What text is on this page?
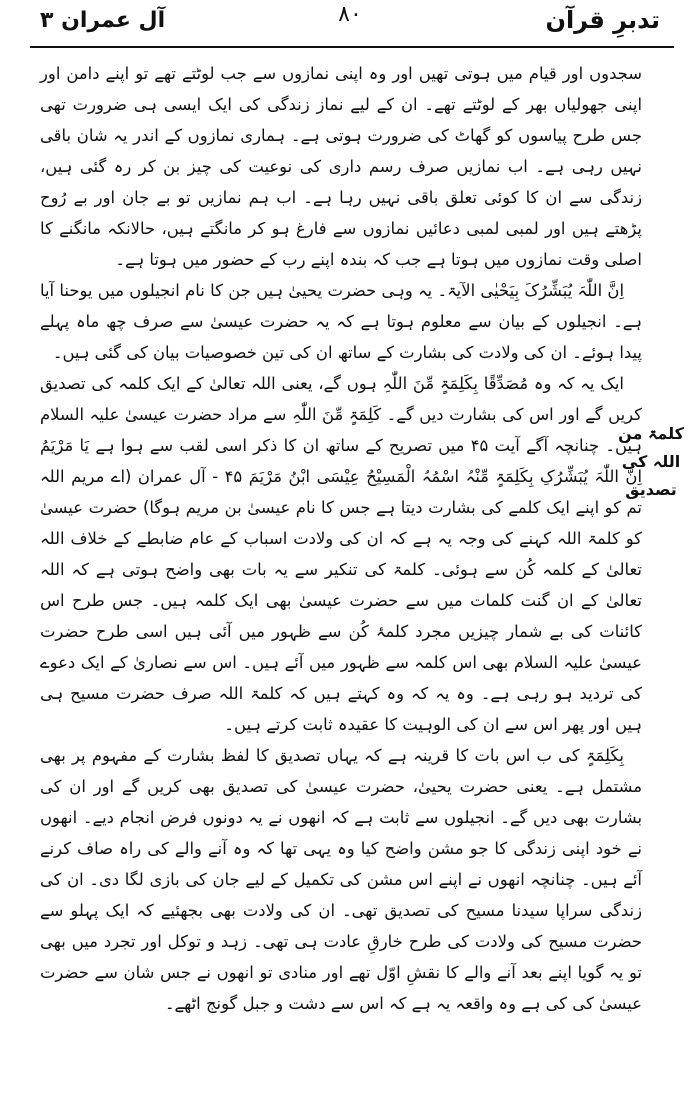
تدبرِ قرآن
۸۰
آل عمران ۳
کلمۃ من اللہ کی تصدیق

سجدوں اور قیام میں ہوتی تھیں اور وہ اپنی نمازوں سے جب لوٹتے تھے تو اپنے دامن اور اپنی جھولیاں بھر کے لوٹتے تھے۔ ان کے لیے نماز زندگی کی ایک ایسی ہی ضرورت تھی جس طرح پیاسوں کو گھاٹ کی ضرورت ہوتی ہے۔ ہماری نمازوں کے اندر یہ شان باقی نہیں رہی ہے۔ اب نمازیں صرف رسم داری کی نوعیت کی چیز بن کر رہ گئی ہیں، زندگی سے ان کا کوئی تعلق باقی نہیں رہا ہے۔ اب ہم نمازیں تو بے جان اور بے رُوح پڑھتے ہیں اور لمبی لمبی دعائیں نمازوں سے فارغ ہو کر مانگتے ہیں، حالانکہ مانگنے کا اصلی وقت نمازوں میں ہوتا ہے جب کہ بندہ اپنے رب کے حضور میں ہوتا ہے۔

اِنَّ اللّٰہَ یُبَشِّرُکَ بِیَحْیٰی الآیۃ۔ یہ وہی حضرت یحییٰ ہیں جن کا نام انجیلوں میں یوحنا آیا ہے۔ انجیلوں کے بیان سے معلوم ہوتا ہے کہ یہ حضرت عیسیٰ سے صرف چھ ماہ پہلے پیدا ہوئے۔ ان کی ولادت کی بشارت کے ساتھ ان کی تین خصوصیات بیان کی گئی ہیں۔

ایک یہ کہ وہ مُصَدِّقًا بِکَلِمَۃٍ مِّنَ اللّٰہِ ہوں گے، یعنی اللہ تعالیٰ کے ایک کلمہ کی تصدیق کریں گے اور اس کی بشارت دیں گے۔ کَلِمَۃٍ مِّنَ اللّٰہِ سے مراد حضرت عیسیٰ علیہ السلام ہیں۔ چنانچہ آگے آیت ۴۵ میں تصریح کے ساتھ ان کا ذکر اسی لقب سے ہوا ہے یَا مَرْیَمُ اِنَّ اللّٰہَ یُبَشِّرُکِ بِکَلِمَۃٍ مِّنْہُ اسْمُہُ الْمَسِیْحُ عِیْسَی ابْنُ مَرْیَمَ ۴۵ - آل عمران (اے مریم اللہ تم کو اپنے ایک کلمے کی بشارت دیتا ہے جس کا نام عیسیٰ بن مریم ہوگا) حضرت عیسیٰ کو کلمۃ اللہ کہنے کی وجہ یہ ہے کہ ان کی ولادت اسباب کے عام ضابطے کے خلاف اللہ تعالیٰ کے کلمہ کُن سے ہوئی۔ کلمۃ کی تنکیر سے یہ بات بھی واضح ہوتی ہے کہ اللہ تعالیٰ کے ان گنت کلمات میں سے حضرت عیسیٰ بھی ایک کلمہ ہیں۔ جس طرح اس کائنات کی بے شمار چیزیں مجرد کلمۂ کُن سے ظہور میں آئی ہیں اسی طرح حضرت عیسیٰ علیہ السلام بھی اس کلمہ سے ظہور میں آئے ہیں۔ اس سے نصاریٰ کے ایک دعوے کی تردید ہو رہی ہے۔ وہ یہ کہ وہ کہتے ہیں کہ کلمۃ اللہ صرف حضرت مسیح ہی ہیں اور پھر اس سے ان کی الوہیت کا عقیدہ ثابت کرتے ہیں۔

بِکَلِمَۃٍ کی ب اس بات کا قرینہ ہے کہ یہاں تصدیق کا لفظ بشارت کے مفہوم پر بھی مشتمل ہے۔ یعنی حضرت یحییٰ، حضرت عیسیٰ کی تصدیق بھی کریں گے اور ان کی بشارت بھی دیں گے۔ انجیلوں سے ثابت ہے کہ انھوں نے یہ دونوں فرض انجام دیے۔ انھوں نے خود اپنی زندگی کا جو مشن واضح کیا وہ یہی تھا کہ وہ آنے والے کی راہ صاف کرنے آئے ہیں۔ چنانچہ انھوں نے اپنے اس مشن کی تکمیل کے لیے جان کی بازی لگا دی۔ ان کی زندگی سراپا سیدنا مسیح کی تصدیق تھی۔ ان کی ولادت بھی بجھئیے کہ ایک پہلو سے حضرت مسیح کی ولادت کی طرح خارقِ عادت ہی تھی۔ زہد و توکل اور تجرد میں بھی تو یہ گویا اپنے بعد آنے والے کا نقشِ اوّل تھے اور منادی تو انھوں نے جس شان سے حضرت عیسیٰ کی کی ہے وہ واقعہ یہ ہے کہ اس سے دشت و جبل گونج اٹھے۔
